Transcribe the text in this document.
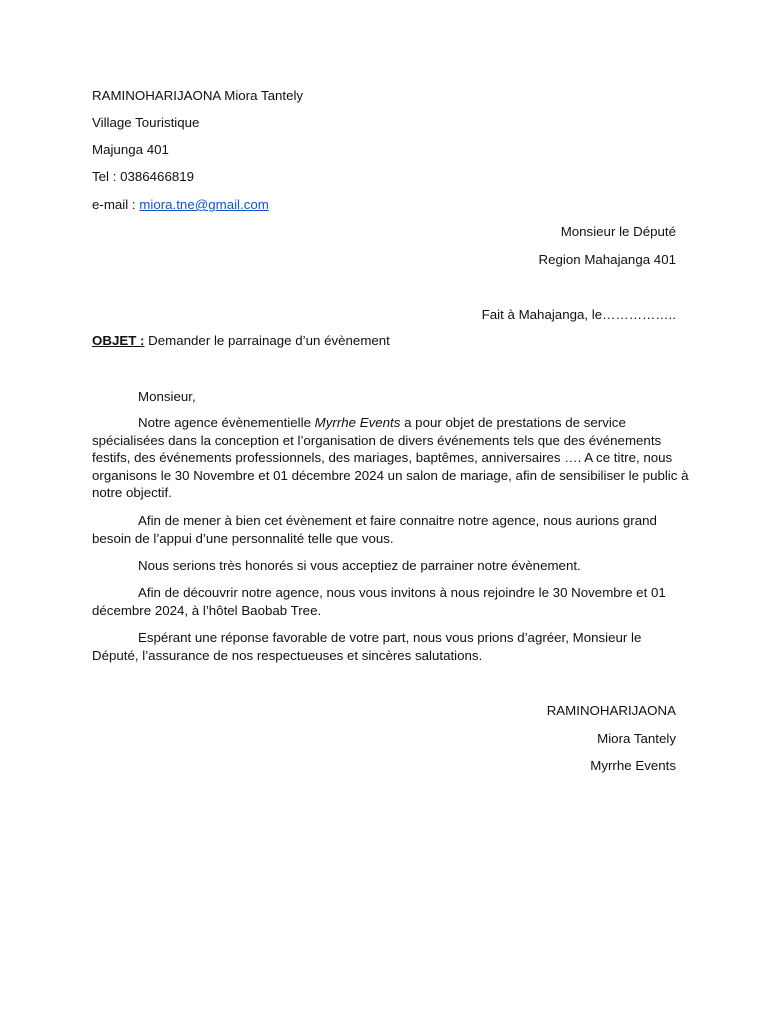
RAMINOHARIJAONA Miora Tantely
Village Touristique
Majunga 401
Tel : 0386466819
e-mail : miora.tne@gmail.com
Monsieur le Député
Region Mahajanga 401
Fait à Mahajanga, le……………..
OBJET : Demander le parrainage d’un évènement
Monsieur,
Notre agence évènementielle Myrrhe Events a pour objet de prestations de service
spécialisées dans la conception et l’organisation de divers événements tels que des événements
festifs, des événements professionnels, des mariages, baptêmes, anniversaires …. A ce titre, nous
organisons le 30 Novembre et 01 décembre 2024 un salon de mariage, afin de sensibiliser le public à
notre objectif.
Afin de mener à bien cet évènement et faire connaitre notre agence, nous aurions grand
besoin de l’appui d’une personnalité telle que vous.
Nous serions très honorés si vous acceptiez de parrainer notre évènement.
Afin de découvrir notre agence, nous vous invitons à nous rejoindre le 30 Novembre et 01
décembre 2024, à l’hôtel Baobab Tree.
Espérant une réponse favorable de votre part, nous vous prions d’agréer, Monsieur le
Député, l’assurance de nos respectueuses et sincères salutations.
RAMINOHARIJAONA
Miora Tantely
Myrrhe Events
